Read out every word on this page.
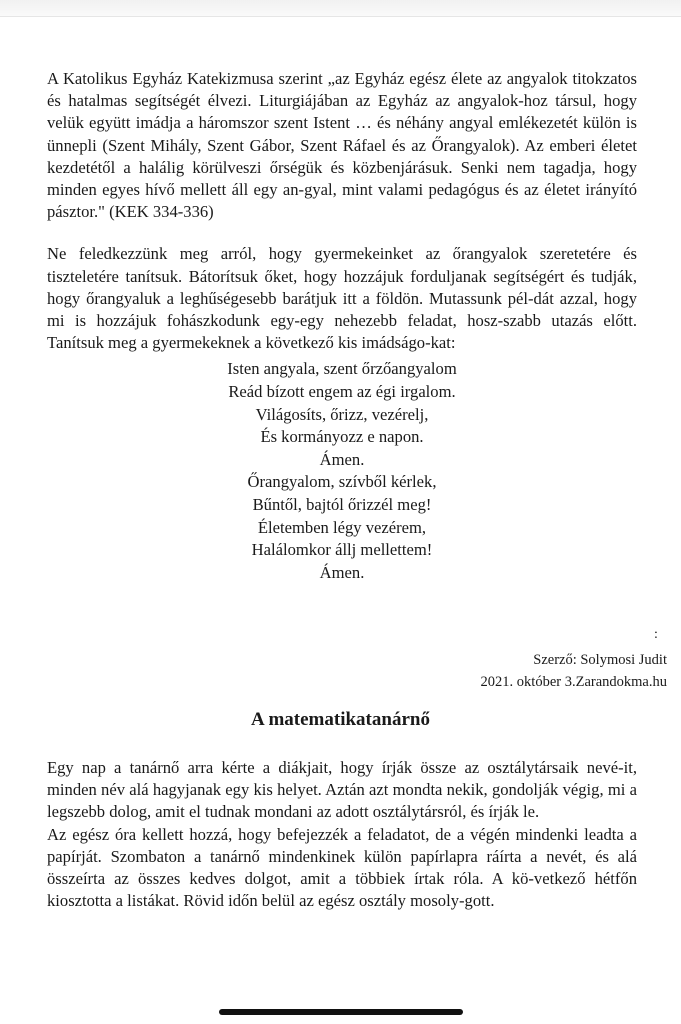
A Katolikus Egyház Katekizmusa szerint „az Egyház egész élete az angyalok titokzatos és hatalmas segítségét élvezi. Liturgiájában az Egyház az angyalok-hoz társul, hogy velük együtt imádja a háromszor szent Istent … és néhány angyal emlékezetét külön is ünnepli (Szent Mihály, Szent Gábor, Szent Ráfael és az Őrangyalok). Az emberi életet kezdetétől a halálig körülveszi őrségük és közbenjárásuk. Senki nem tagadja, hogy minden egyes hívő mellett áll egy an-gyal, mint valami pedagógus és az életet irányító pásztor." (KEK 334-336)

Ne feledkezzünk meg arról, hogy gyermekeinket az őrangyalok szeretetére és tiszteletére tanítsuk. Bátorítsuk őket, hogy hozzájuk forduljanak segítségért és tudják, hogy őrangyaluk a leghűségesebb barátjuk itt a földön. Mutassunk pél-dát azzal, hogy mi is hozzájuk fohászkodunk egy-egy nehezebb feladat, hosz-szabb utazás előtt. Tanítsuk meg a gyermekeknek a következő kis imádságo-kat:

Isten angyala, szent őrzőangyalom
Reád bízott engem az égi irgalom.
Világosíts, őrizz, vezérelj,
És kormányozz e napon.
Ámen.
Őrangyalom, szívből kérlek,
Bűntől, bajtól őrizzél meg!
Életemben légy vezérem,
Halálomkor állj mellettem!
Ámen.
:
Szerző: Solymosi Judit
2021. október 3.Zarandokma.hu
A matematikatanárnő

Egy nap a tanárnő arra kérte a diákjait, hogy írják össze az osztálytársaik nevé-it, minden név alá hagyjanak egy kis helyet. Aztán azt mondta nekik, gondolják végig, mi a legszebb dolog, amit el tudnak mondani az adott osztálytársról, és írják le.

Az egész óra kellett hozzá, hogy befejezzék a feladatot, de a végén mindenki leadta a papírját. Szombaton a tanárnő mindenkinek külön papírlapra ráírta a nevét, és alá összeírta az összes kedves dolgot, amit a többiek írtak róla. A kö-vetkező hétfőn kiosztotta a listákat. Rövid időn belül az egész osztály mosoly-gott.
